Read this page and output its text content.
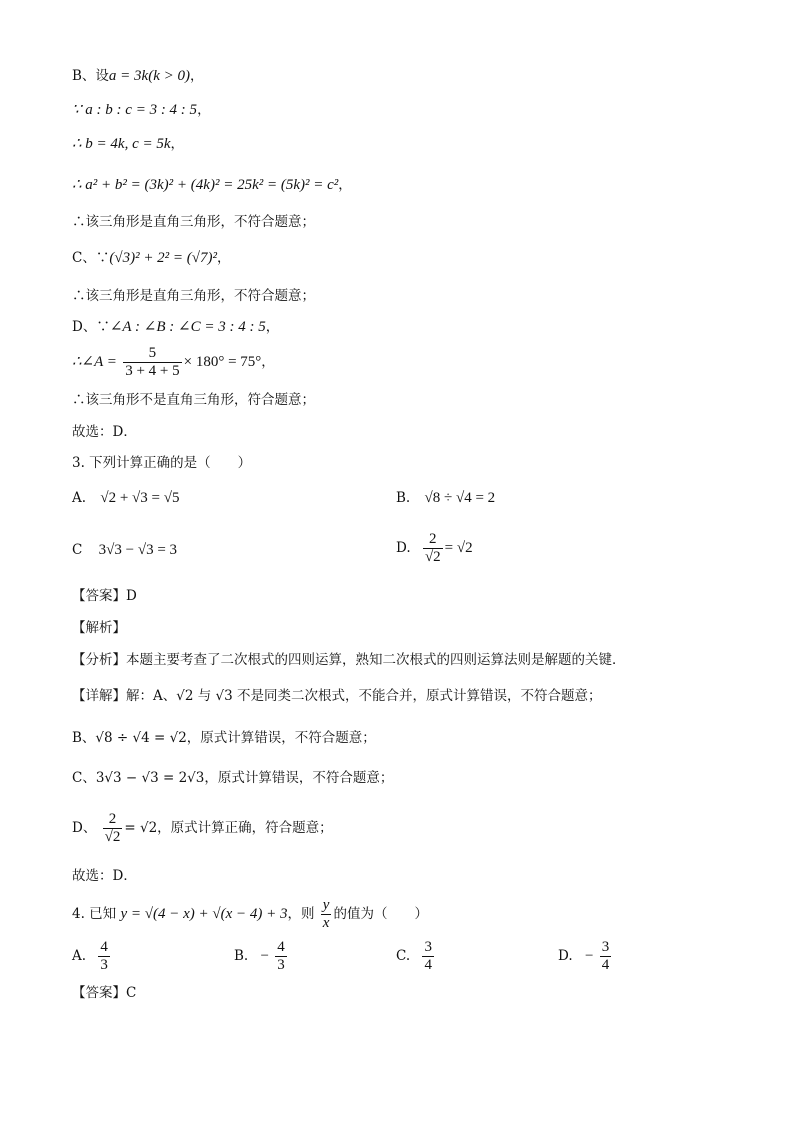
B、设a = 3k(k > 0)，
∵ a : b : c = 3 : 4 : 5，
∴ b = 4k, c = 5k，
∴ a² + b² = (3k)² + (4k)² = 25k² = (5k)² = c²，
∴该三角形是直角三角形，不符合题意；
C、∵(√3)² + 2² = (√7)²，
∴该三角形是直角三角形，不符合题意；
D、∵∠A : ∠B : ∠C = 3 : 4 : 5，
∴∠A = $\frac{5}{3 + 4 + 5} \times 180^\circ = 75^\circ$，
∴该三角形不是直角三角形，符合题意；
故选：D．
3. 下列计算正确的是（　　）
A. √2 + √3 = √5	B. √8 ÷ √4 = 2
C 3√3 − √3 = 3	D. $\frac{2}{√2} = √2$
【答案】D
【解析】
【分析】本题主要考查了二次根式的四则运算，熟知二次根式的四则运算法则是解题的关键．
【详解】解：A、√2 与 √3 不是同类二次根式，不能合并，原式计算错误，不符合题意；
B、√8 ÷ √4 = √2，原式计算错误，不符合题意；
C、3√3 − √3 = 2√3，原式计算错误，不符合题意；
D、 $\frac{2}{√2} = √2$，原式计算正确，符合题意；
故选：D．
4. 已知 y = √(4 − x) + √(x − 4) + 3，则 $\frac{y}{x}$ 的值为（　　）
A. $\frac{4}{3}$	B. − $\frac{4}{3}$	C. $\frac{3}{4}$	D. − $\frac{3}{4}$
【答案】C
